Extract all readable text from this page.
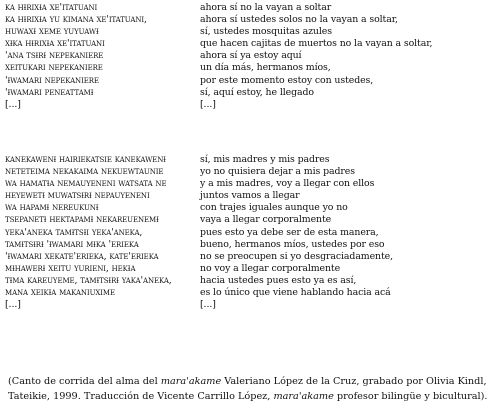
ka hɨrixɨa xe'itatuani
ka hɨrixɨa yu kimana xe'itatuani,
huwaxɨ xeme yuyuawɨ
xɨka hɨrixɨa xe'itatuani
'ana tsɨrɨ nepekaniere
xeitukari nepekaniere
'ɨwamari nepekaniere
'ɨwamari peneattamɨ
[...]
kanekawenɨ hairiekatsie kanekawenɨ
neteteima nekakaima nekuewtaunie
wa hamatɨa nemauyeneni watsata ne
heyewetɨ muwatsɨrɨ nepauyeneni
wa hapamɨ nereukunɨ
tsepanetɨ hektapamɨ nekareuenemɨ
yeka'aneka tamɨtsɨi yeka'aneka,
tamɨtsɨrɨ 'ɨwamari mɨka 'erieka
'ɨwamari xekate'erieka, kate'erieka
mɨhawerɨ xeitu yurieni, hekɨa
tɨma kareuyeme, tamɨtsɨrɨ yaka'aneka,
mana xeikɨa makaniuxime
[...]
ahora sí no la vayan a soltar
ahora sí ustedes solos no la vayan a soltar,
sí, ustedes mosquitas azules
que hacen cajitas de muertos no la vayan a soltar,
ahora sí ya estoy aquí
un día más, hermanos míos,
por este momento estoy con ustedes,
sí, aquí estoy, he llegado
[...]
sí, mis madres y mis padres
yo no quisiera dejar a mis padres
y a mis madres, voy a llegar con ellos
juntos vamos a llegar
con trajes iguales aunque yo no
vaya a llegar corporalmente
pues esto ya debe ser de esta manera,
bueno, hermanos míos, ustedes por eso
no se preocupen si yo desgraciadamente,
no voy a llegar corporalmente
hacia ustedes pues esto ya es así,
es lo único que viene hablando hacia acá
[...]
(Canto de corrida del alma del mara'akame Valeriano López de la Cruz, grabado por Olivia Kindl, Tateikie, 1999. Traducción de Vicente Carrillo López, mara'akame profesor bilingüe y bicultural).
